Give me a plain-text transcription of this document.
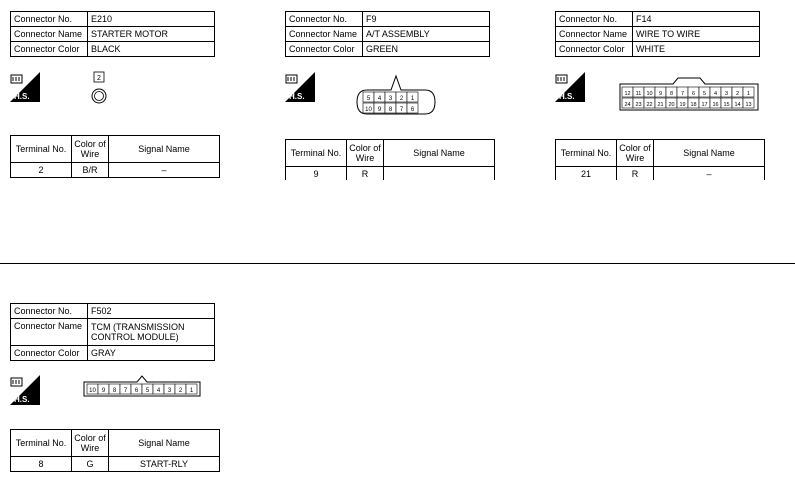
Connector No.	E210
Connector Name	STARTER MOTOR
Connector Color	BLACK
H.S.
2
Terminal No.	Color of Wire	Signal Name
2	B/R	–
Connector No.	F9
Connector Name	A/T ASSEMBLY
Connector Color	GREEN
H.S.	5 4 3 2 1
10 9 8 7 6
Terminal No.	Color of Wire	Signal Name
9	R	
Connector No.	F14
Connector Name	WIRE TO WIRE
Connector Color	WHITE
H.S.	12 11 10 9 8 7 6 5 4 3 2 1
24 23 22 21 20 19 18 17 16 15 14 13
Terminal No.	Color of Wire	Signal Name
21	R	–
Connector No.	F502
Connector Name	TCM (TRANSMISSION CONTROL MODULE)
Connector Color	GRAY
H.S.
10 9 8 7 6 5 4 3 2 1
Terminal No.	Color of Wire	Signal Name
8	G	START-RLY
